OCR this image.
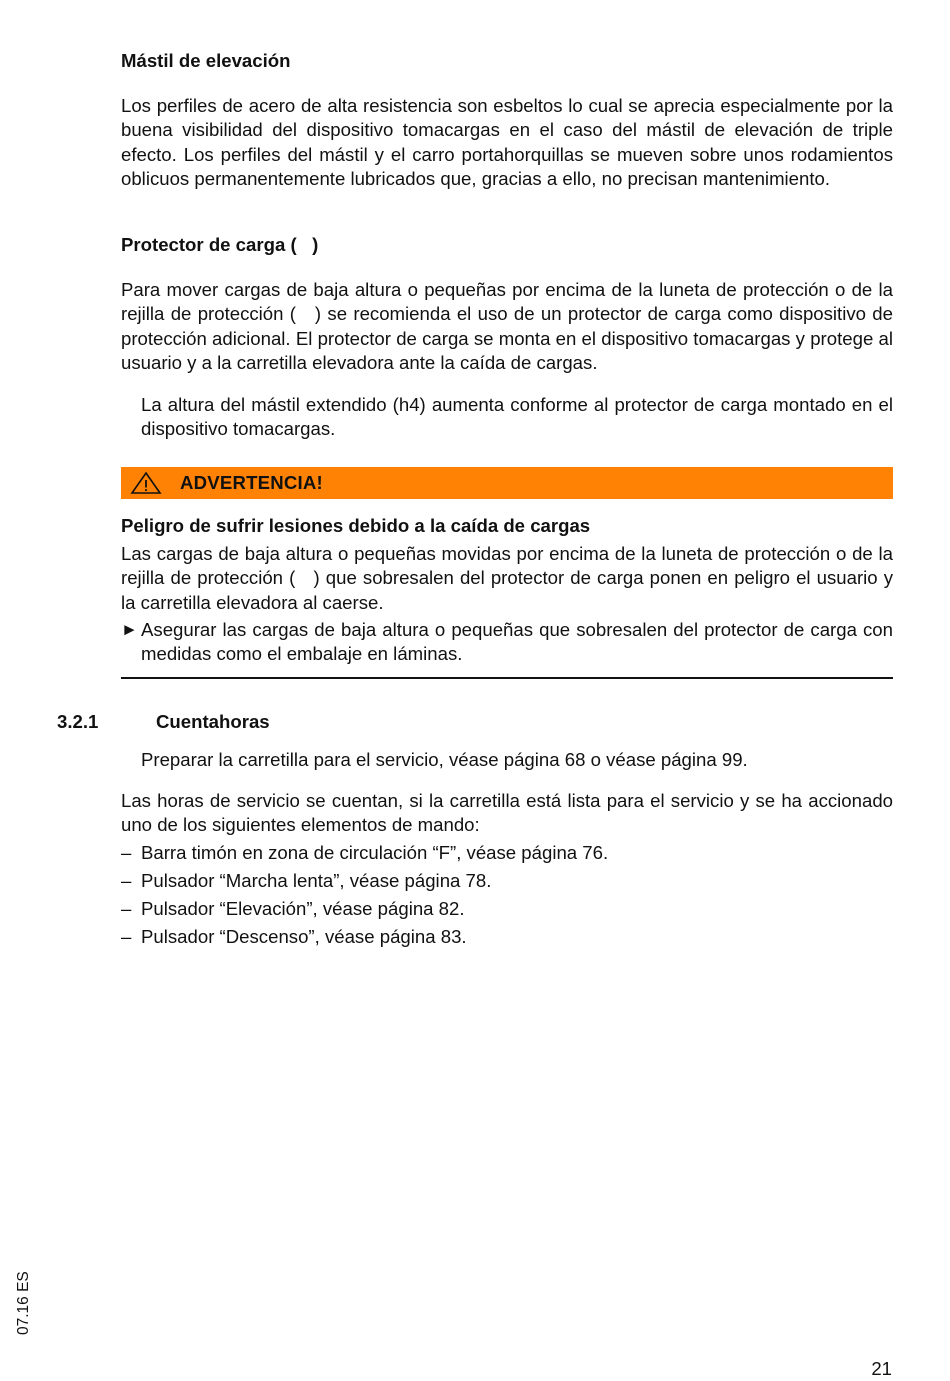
Mástil de elevación
Los perfiles de acero de alta resistencia son esbeltos lo cual se aprecia especialmente por la buena visibilidad del dispositivo tomacargas en el caso del mástil de elevación de triple efecto. Los perfiles del mástil y el carro portahorquillas se mueven sobre unos rodamientos oblicuos permanentemente lubricados que, gracias a ello, no precisan mantenimiento.
Protector de carga (   )
Para mover cargas de baja altura o pequeñas por encima de la luneta de protección o de la rejilla de protección (   ) se recomienda el uso de un protector de carga como dispositivo de protección adicional. El protector de carga se monta en el dispositivo tomacargas y protege al usuario y a la carretilla elevadora ante la caída de cargas.
La altura del mástil extendido (h4) aumenta conforme al protector de carga montado en el dispositivo tomacargas.
ADVERTENCIA!
Peligro de sufrir lesiones debido a la caída de cargas
Las cargas de baja altura o pequeñas movidas por encima de la luneta de protección o de la rejilla de protección (   ) que sobresalen del protector de carga ponen en peligro el usuario y la carretilla elevadora al caerse.
► Asegurar las cargas de baja altura o pequeñas que sobresalen del protector de carga con medidas como el embalaje en láminas.
3.2.1	Cuentahoras
Preparar la carretilla para el servicio, véase página 68 o véase página 99.
Las horas de servicio se cuentan, si la carretilla está lista para el servicio y se ha accionado uno de los siguientes elementos de mando:
– Barra timón en zona de circulación “F”, véase página 76.
– Pulsador “Marcha lenta”, véase página 78.
– Pulsador “Elevación”, véase página 82.
– Pulsador “Descenso”, véase página 83.
07.16 ES
21
